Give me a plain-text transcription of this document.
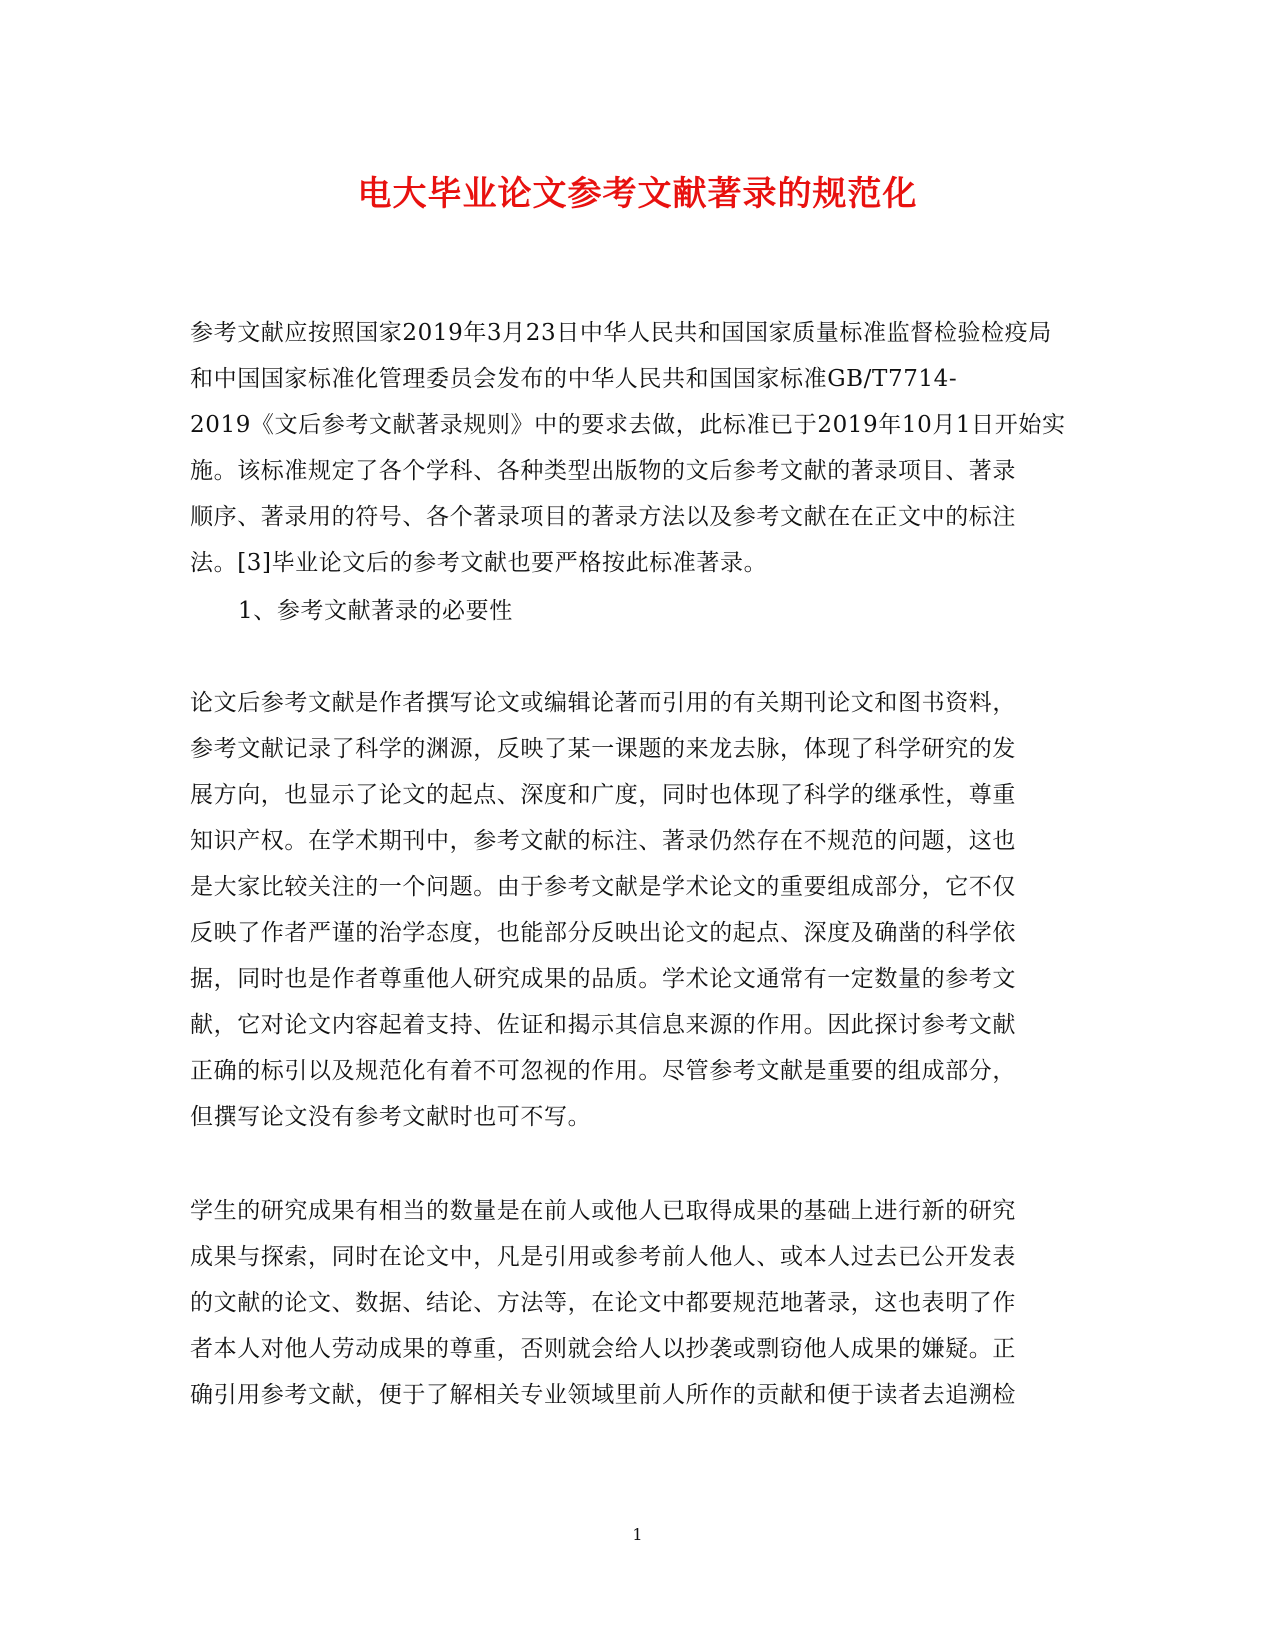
电大毕业论文参考文献著录的规范化
参考文献应按照国家2019年3月23日中华人民共和国国家质量标准监督检验检疫局
和中国国家标准化管理委员会发布的中华人民共和国国家标准GB/T7714-
2019《文后参考文献著录规则》中的要求去做，此标准已于2019年10月1日开始实
施。该标准规定了各个学科、各种类型出版物的文后参考文献的著录项目、著录
顺序、著录用的符号、各个著录项目的著录方法以及参考文献在在正文中的标注
法。[3]毕业论文后的参考文献也要严格按此标准著录。
1、参考文献著录的必要性
论文后参考文献是作者撰写论文或编辑论著而引用的有关期刊论文和图书资料，
参考文献记录了科学的渊源，反映了某一课题的来龙去脉，体现了科学研究的发
展方向，也显示了论文的起点、深度和广度，同时也体现了科学的继承性，尊重
知识产权。在学术期刊中，参考文献的标注、著录仍然存在不规范的问题，这也
是大家比较关注的一个问题。由于参考文献是学术论文的重要组成部分，它不仅
反映了作者严谨的治学态度，也能部分反映出论文的起点、深度及确凿的科学依
据，同时也是作者尊重他人研究成果的品质。学术论文通常有一定数量的参考文
献，它对论文内容起着支持、佐证和揭示其信息来源的作用。因此探讨参考文献
正确的标引以及规范化有着不可忽视的作用。尽管参考文献是重要的组成部分，
但撰写论文没有参考文献时也可不写。
学生的研究成果有相当的数量是在前人或他人已取得成果的基础上进行新的研究
成果与探索，同时在论文中，凡是引用或参考前人他人、或本人过去已公开发表
的文献的论文、数据、结论、方法等，在论文中都要规范地著录，这也表明了作
者本人对他人劳动成果的尊重，否则就会给人以抄袭或剽窃他人成果的嫌疑。正
确引用参考文献，便于了解相关专业领域里前人所作的贡献和便于读者去追溯检
1
